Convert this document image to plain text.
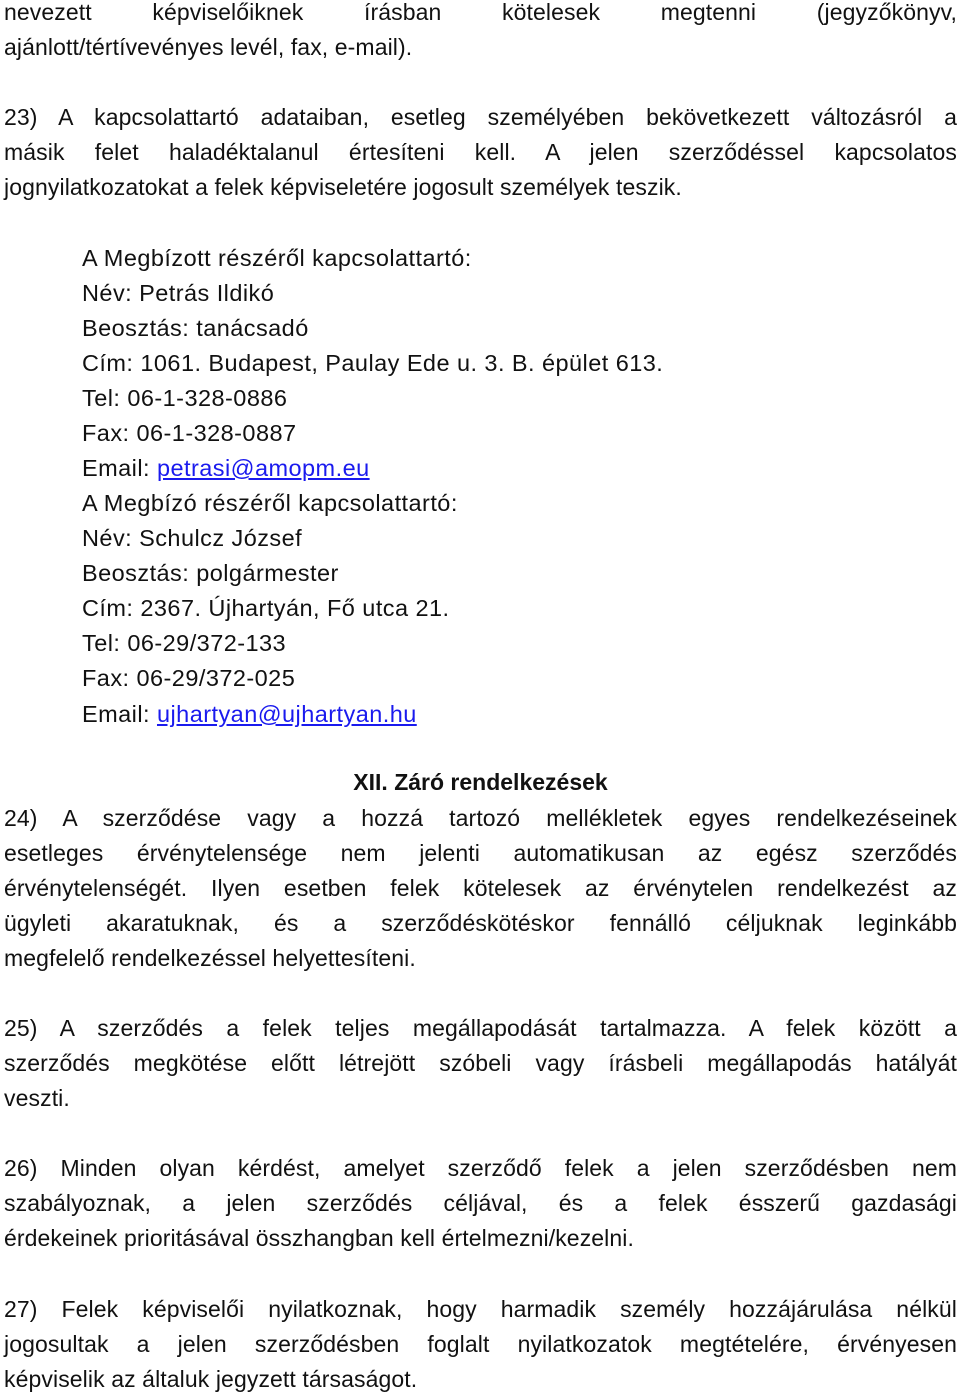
nevezett képviselőiknek írásban kötelesek megtenni (jegyzőkönyv,
ajánlott/tértívevényes levél, fax, e-mail).
23) A kapcsolattartó adataiban, esetleg személyében bekövetkezett változásról a
másik felet haladéktalanul értesíteni kell. A jelen szerződéssel kapcsolatos
jognyilatkozatokat a felek képviseletére jogosult személyek teszik.
A Megbízott részéről kapcsolattartó:
Név: Petrás Ildikó
Beosztás: tanácsadó
Cím: 1061. Budapest, Paulay Ede u. 3. B. épület 613.
Tel: 06-1-328-0886
Fax: 06-1-328-0887
Email: petrasi@amopm.eu
A Megbízó részéről kapcsolattartó:
Név: Schulcz József
Beosztás: polgármester
Cím: 2367. Újhartyán, Fő utca 21.
Tel: 06-29/372-133
Fax: 06-29/372-025
Email: ujhartyan@ujhartyan.hu
XII. Záró rendelkezések
24) A szerződése vagy a hozzá tartozó mellékletek egyes rendelkezéseinek
esetleges érvénytelensége nem jelenti automatikusan az egész szerződés
érvénytelenségét. Ilyen esetben felek kötelesek az érvénytelen rendelkezést az
ügyleti akaratuknak, és a szerződéskötéskor fennálló céljuknak leginkább
megfelelő rendelkezéssel helyettesíteni.
25) A szerződés a felek teljes megállapodását tartalmazza. A felek között a
szerződés megkötése előtt létrejött szóbeli vagy írásbeli megállapodás hatályát
veszti.
26) Minden olyan kérdést, amelyet szerződő felek a jelen szerződésben nem
szabályoznak, a jelen szerződés céljával, és a felek ésszerű gazdasági
érdekeinek prioritásával összhangban kell értelmezni/kezelni.
27) Felek képviselői nyilatkoznak, hogy harmadik személy hozzájárulása nélkül
jogosultak a jelen szerződésben foglalt nyilatkozatok megtételére, érvényesen
képviselik az általuk jegyzett társaságot.
